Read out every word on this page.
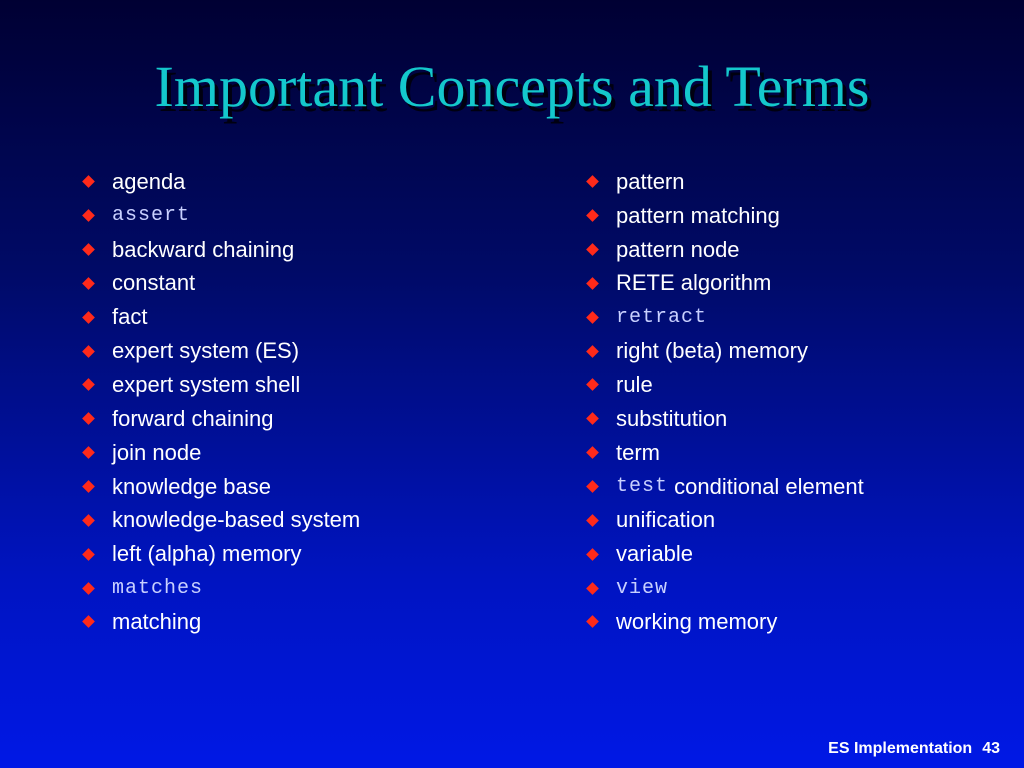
Important Concepts and Terms
agenda
assert
backward chaining
constant
fact
expert system (ES)
expert system shell
forward chaining
join node
knowledge base
knowledge-based system
left (alpha) memory
matches
matching
pattern
pattern matching
pattern node
RETE algorithm
retract
right (beta) memory
rule
substitution
term
test conditional element
unification
variable
view
working memory
ES Implementation 43
